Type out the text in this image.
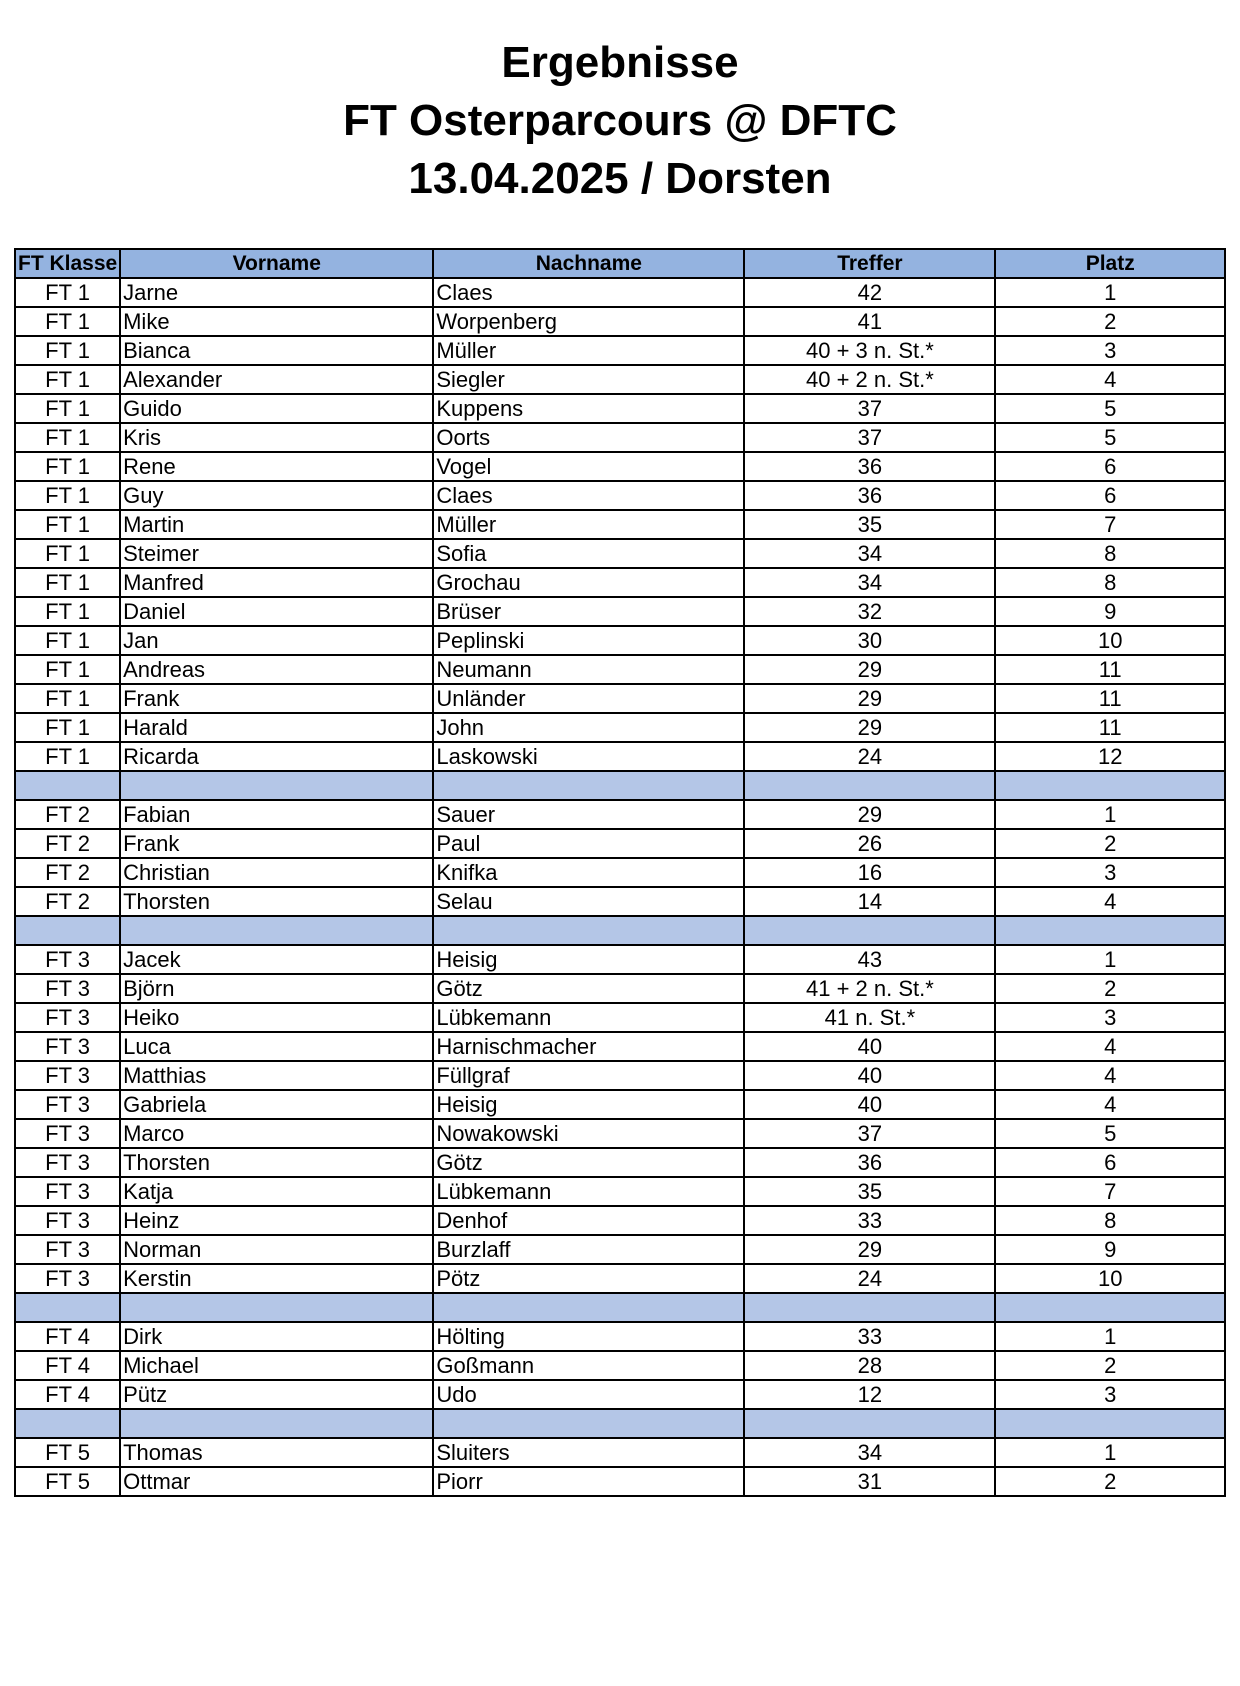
Ergebnisse
FT Osterparcours @ DFTC
13.04.2025 / Dorsten
FT Klasse	Vorname	Nachname	Treffer	Platz
FT 1	Jarne	Claes	42	1
FT 1	Mike	Worpenberg	41	2
FT 1	Bianca	Müller	40 + 3 n. St.*	3
FT 1	Alexander	Siegler	40 + 2 n. St.*	4
FT 1	Guido	Kuppens	37	5
FT 1	Kris	Oorts	37	5
FT 1	Rene	Vogel	36	6
FT 1	Guy	Claes	36	6
FT 1	Martin	Müller	35	7
FT 1	Steimer	Sofia	34	8
FT 1	Manfred	Grochau	34	8
FT 1	Daniel	Brüser	32	9
FT 1	Jan	Peplinski	30	10
FT 1	Andreas	Neumann	29	11
FT 1	Frank	Unländer	29	11
FT 1	Harald	John	29	11
FT 1	Ricarda	Laskowski	24	12

FT 2	Fabian	Sauer	29	1
FT 2	Frank	Paul	26	2
FT 2	Christian	Knifka	16	3
FT 2	Thorsten	Selau	14	4

FT 3	Jacek	Heisig	43	1
FT 3	Björn	Götz	41 + 2 n. St.*	2
FT 3	Heiko	Lübkemann	41 n. St.*	3
FT 3	Luca	Harnischmacher	40	4
FT 3	Matthias	Füllgraf	40	4
FT 3	Gabriela	Heisig	40	4
FT 3	Marco	Nowakowski	37	5
FT 3	Thorsten	Götz	36	6
FT 3	Katja	Lübkemann	35	7
FT 3	Heinz	Denhof	33	8
FT 3	Norman	Burzlaff	29	9
FT 3	Kerstin	Pötz	24	10

FT 4	Dirk	Hölting	33	1
FT 4	Michael	Goßmann	28	2
FT 4	Pütz	Udo	12	3

FT 5	Thomas	Sluiters	34	1
FT 5	Ottmar	Piorr	31	2
